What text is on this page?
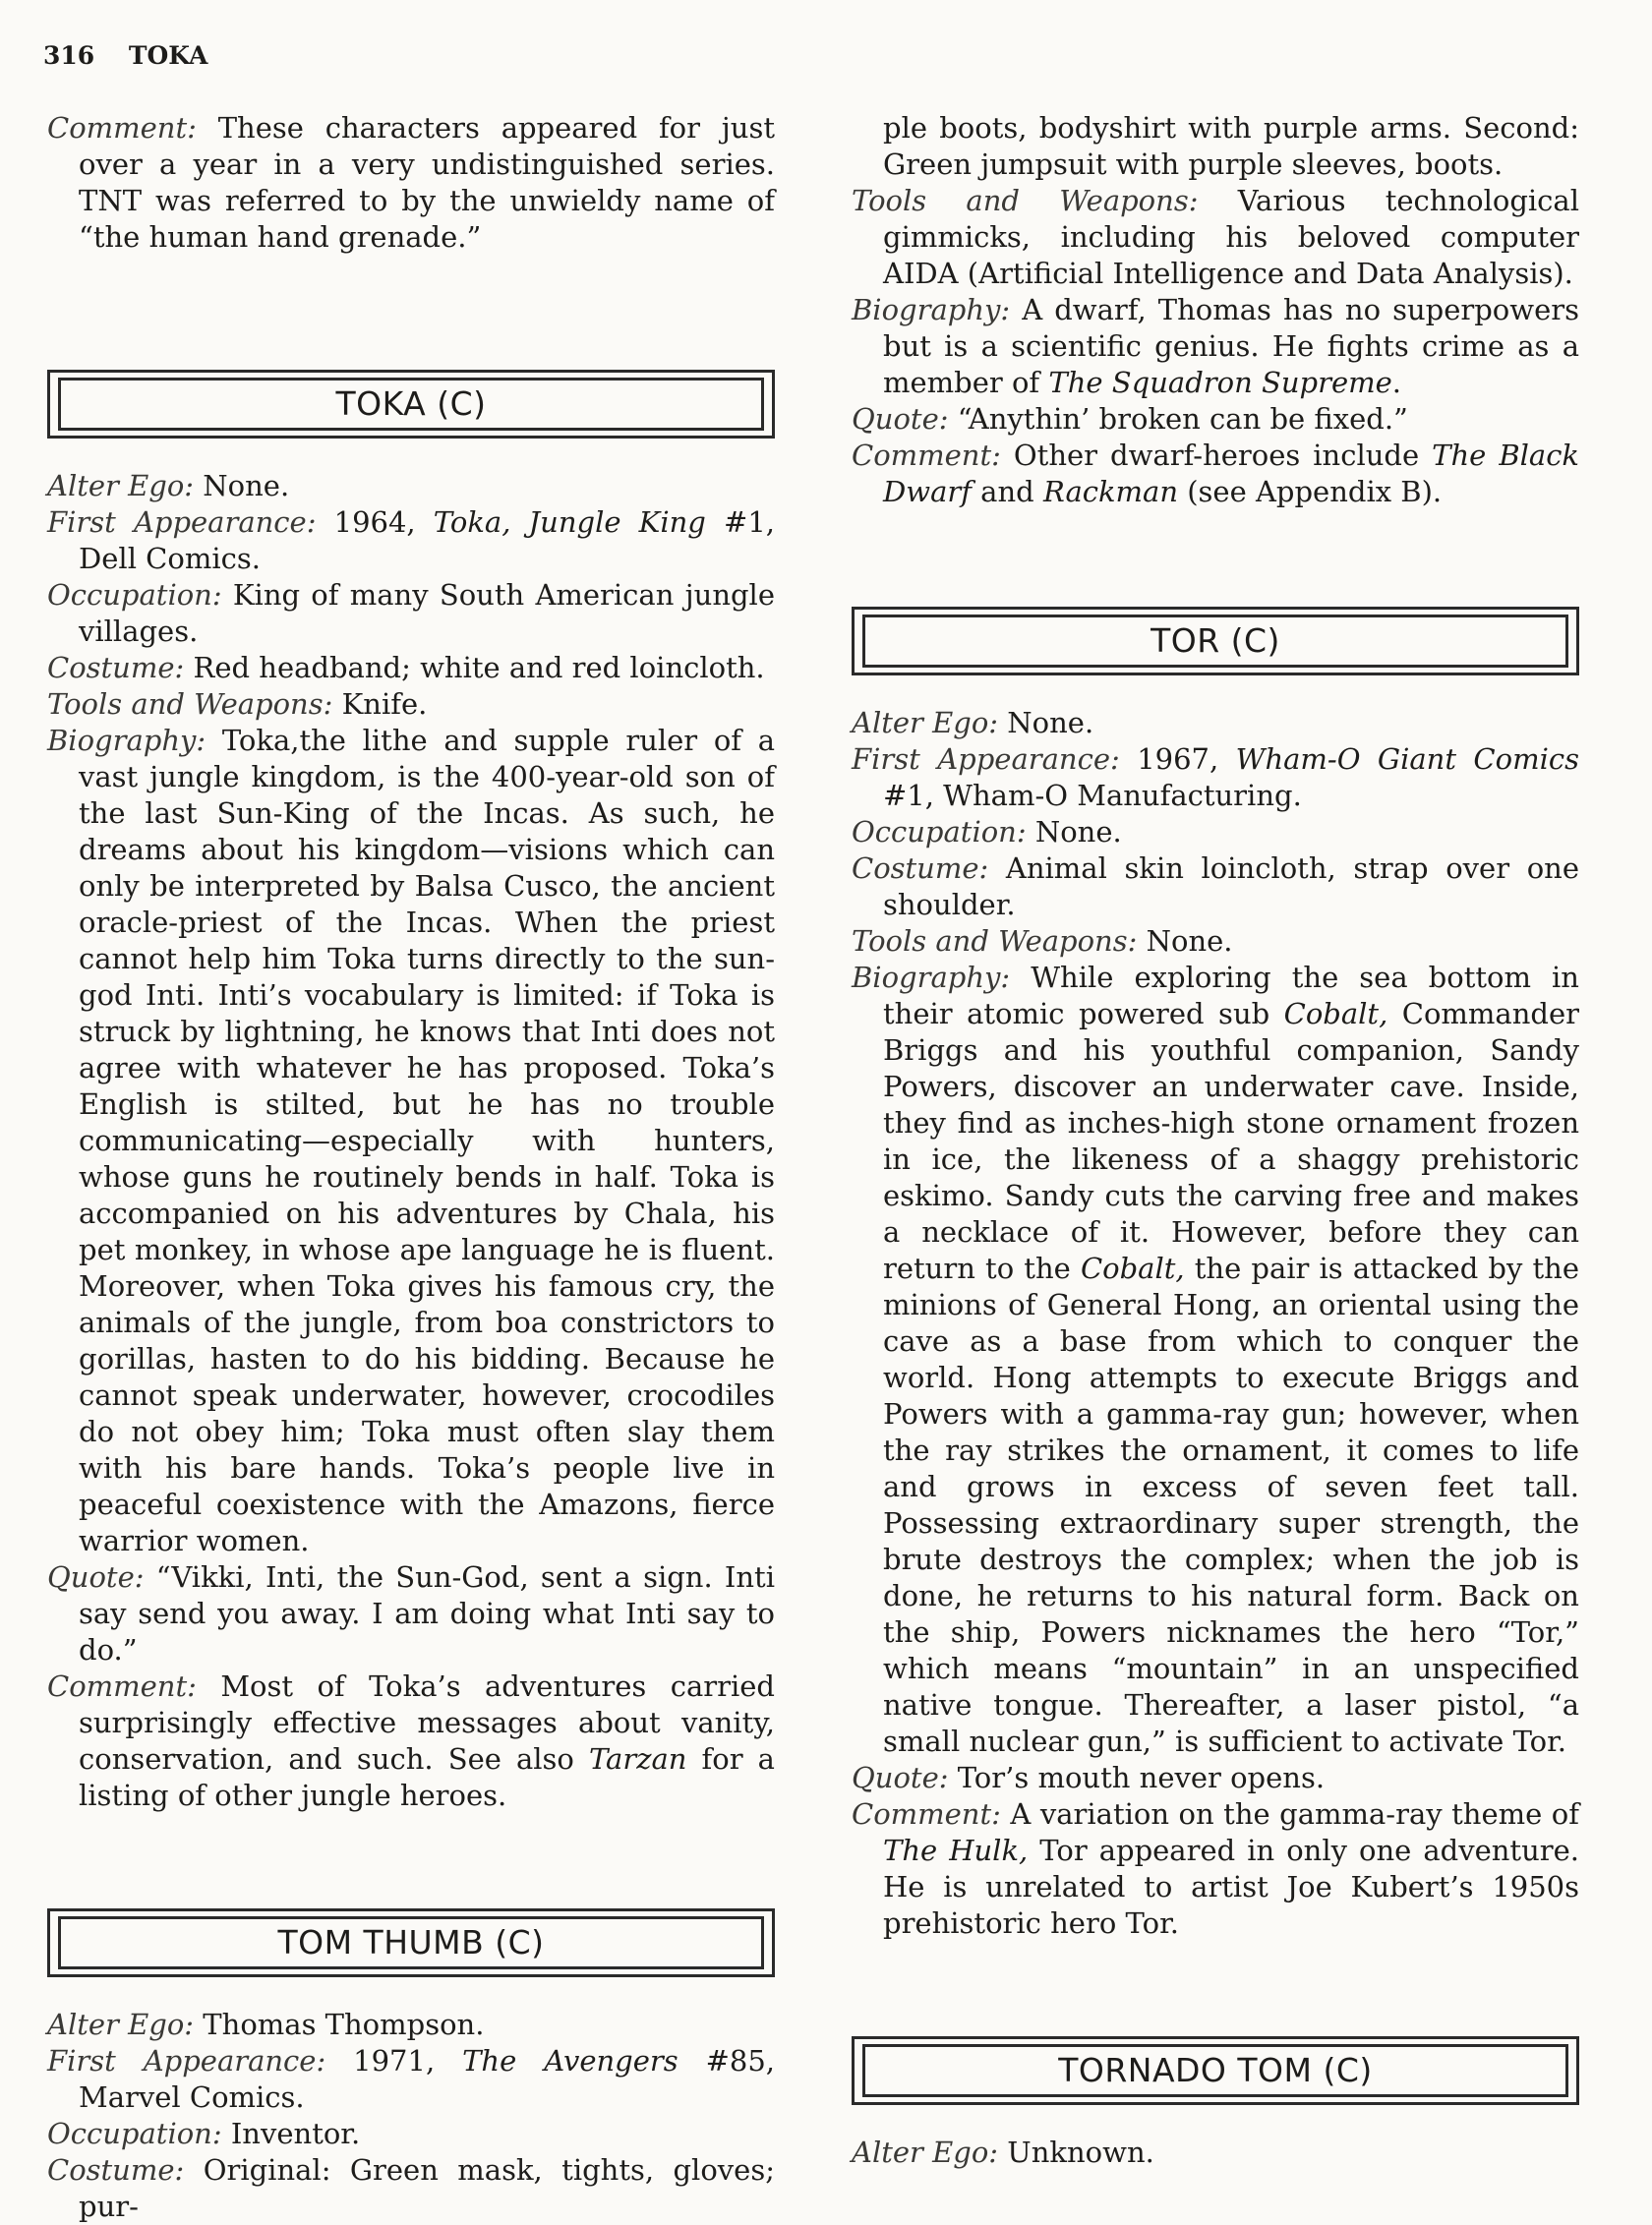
316 TOKA

Comment: These characters appeared for just over a year in a very undistinguished series. TNT was referred to by the unwieldy name of “the human hand grenade.”

TOKA (C)

Alter Ego: None.

First Appearance: 1964, Toka, Jungle King #1, Dell Comics.

Occupation: King of many South American jungle villages.

Costume: Red headband; white and red loincloth.

Tools and Weapons: Knife.

Biography: Toka,the lithe and supple ruler of a vast jungle kingdom, is the 400-year-old son of the last Sun-King of the Incas. As such, he dreams about his kingdom—visions which can only be interpreted by Balsa Cusco, the ancient oracle-priest of the Incas. When the priest cannot help him Toka turns directly to the sun-god Inti. Inti’s vocabulary is limited: if Toka is struck by lightning, he knows that Inti does not agree with whatever he has proposed. Toka’s English is stilted, but he has no trouble communicating—especially with hunters, whose guns he routinely bends in half. Toka is accompanied on his adventures by Chala, his pet monkey, in whose ape language he is fluent. Moreover, when Toka gives his famous cry, the animals of the jungle, from boa constrictors to gorillas, hasten to do his bidding. Because he cannot speak underwater, however, crocodiles do not obey him; Toka must often slay them with his bare hands. Toka’s people live in peaceful coexistence with the Amazons, fierce warrior women.

Quote: “Vikki, Inti, the Sun-God, sent a sign. Inti say send you away. I am doing what Inti say to do.”

Comment: Most of Toka’s adventures carried surprisingly effective messages about vanity, conservation, and such. See also Tarzan for a listing of other jungle heroes.

TOM THUMB (C)

Alter Ego: Thomas Thompson.

First Appearance: 1971, The Avengers #85, Marvel Comics.

Occupation: Inventor.

Costume: Original: Green mask, tights, gloves; pur-

ple boots, bodyshirt with purple arms. Second: Green jumpsuit with purple sleeves, boots.

Tools and Weapons: Various technological gimmicks, including his beloved computer AIDA (Artificial Intelligence and Data Analysis).

Biography: A dwarf, Thomas has no superpowers but is a scientific genius. He fights crime as a member of The Squadron Supreme.

Quote: “Anythin’ broken can be fixed.”

Comment: Other dwarf-heroes include The Black Dwarf and Rackman (see Appendix B).

TOR (C)

Alter Ego: None.

First Appearance: 1967, Wham-O Giant Comics #1, Wham-O Manufacturing.

Occupation: None.

Costume: Animal skin loincloth, strap over one shoulder.

Tools and Weapons: None.

Biography: While exploring the sea bottom in their atomic powered sub Cobalt, Commander Briggs and his youthful companion, Sandy Powers, discover an underwater cave. Inside, they find as inches-high stone ornament frozen in ice, the likeness of a shaggy prehistoric eskimo. Sandy cuts the carving free and makes a necklace of it. However, before they can return to the Cobalt, the pair is attacked by the minions of General Hong, an oriental using the cave as a base from which to conquer the world. Hong attempts to execute Briggs and Powers with a gamma-ray gun; however, when the ray strikes the ornament, it comes to life and grows in excess of seven feet tall. Possessing extraordinary super strength, the brute destroys the complex; when the job is done, he returns to his natural form. Back on the ship, Powers nicknames the hero “Tor,” which means “mountain” in an unspecified native tongue. Thereafter, a laser pistol, “a small nuclear gun,” is sufficient to activate Tor.

Quote: Tor’s mouth never opens.

Comment: A variation on the gamma-ray theme of The Hulk, Tor appeared in only one adventure. He is unrelated to artist Joe Kubert’s 1950s prehistoric hero Tor.

TORNADO TOM (C)

Alter Ego: Unknown.
